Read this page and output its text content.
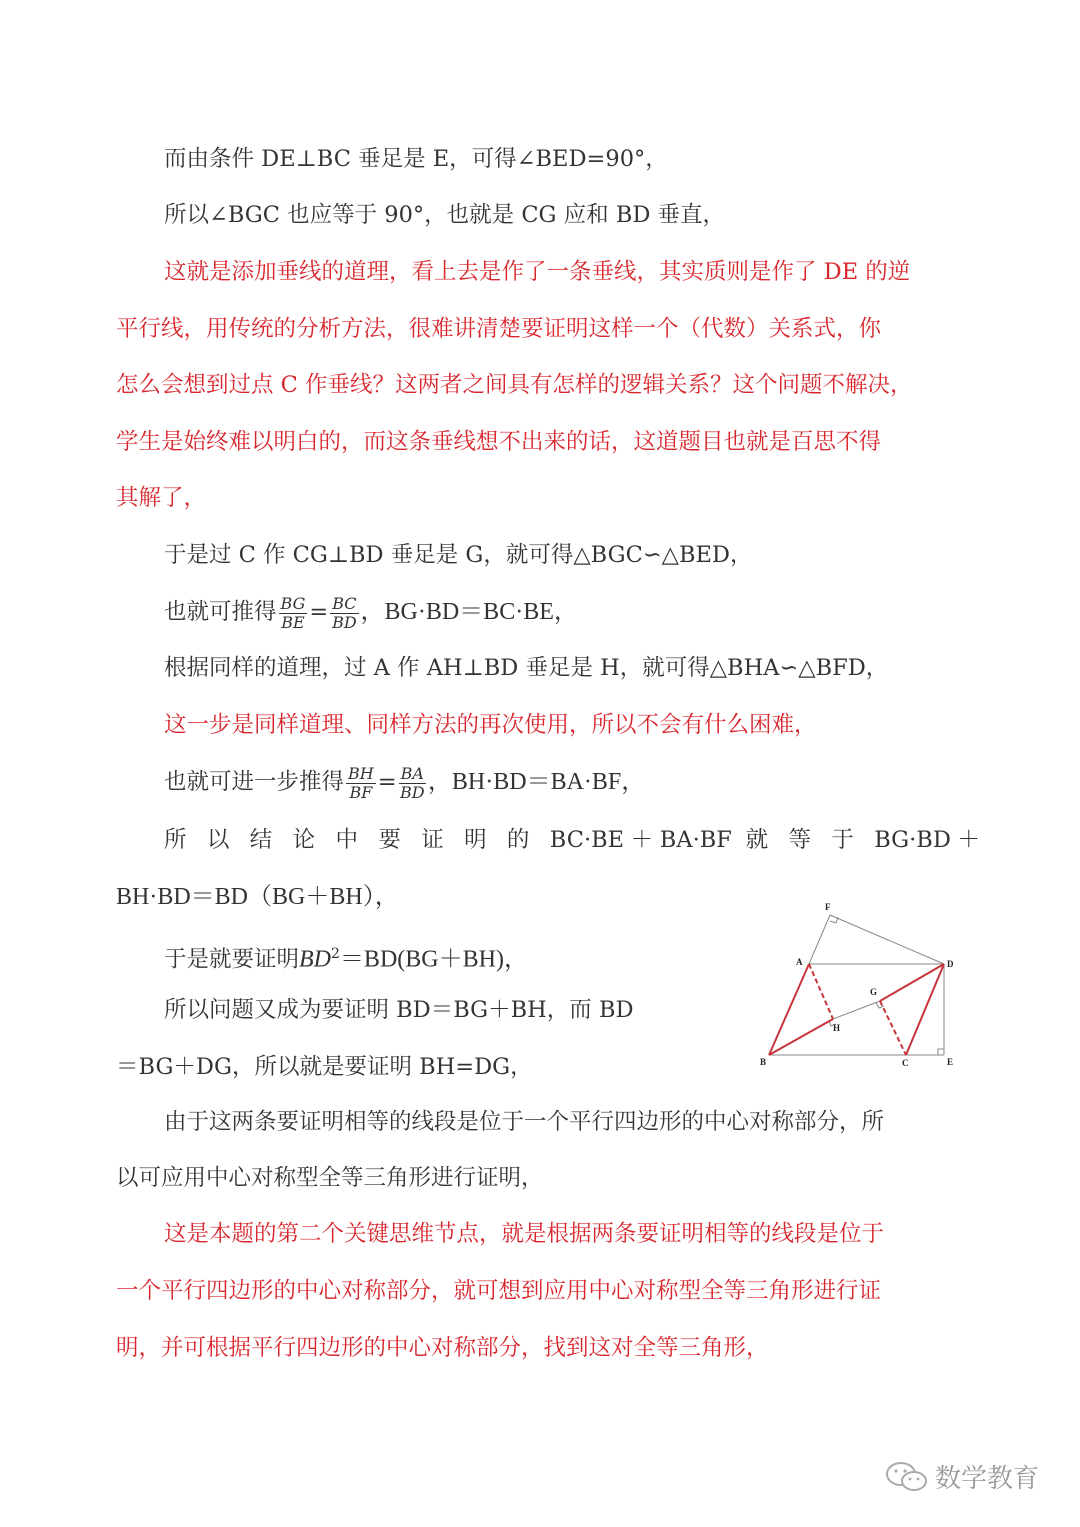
而由条件 DE⊥BC 垂足是 E，可得∠BED=90°，
所以∠BGC 也应等于 90°，也就是 CG 应和 BD 垂直，
这就是添加垂线的道理，看上去是作了一条垂线，其实质则是作了 DE 的逆
平行线，用传统的分析方法，很难讲清楚要证明这样一个（代数）关系式，你
怎么会想到过点 C 作垂线？这两者之间具有怎样的逻辑关系？这个问题不解决，
学生是始终难以明白的，而这条垂线想不出来的话，这道题目也就是百思不得
其解了，
于是过 C 作 CG⊥BD 垂足是 G，就可得△BGC∽△BED，
也就可推得 $\frac{BG}{BE} = \frac{BC}{BD}$ ，BG·BD＝BC·BE，
根据同样的道理，过 A 作 AH⊥BD 垂足是 H，就可得△BHA∽△BFD，
这一步是同样道理、同样方法的再次使用，所以不会有什么困难，
也就可进一步推得 $\frac{BH}{BF} = \frac{BA}{BD}$ ，BH·BD＝BA·BF，
所 以 结 论 中 要 证 明 的 BC·BE＋BA·BF 就 等 于 BG·BD＋
BH·BD＝BD（BG＋BH），
于是就要证明$BD^2=BD(BG+BH)$，
所以问题又成为要证明 BD＝BG＋BH，而 BD
＝BG＋DG，所以就是要证明 BH=DG，
由于这两条要证明相等的线段是位于一个平行四边形的中心对称部分，所
以可应用中心对称型全等三角形进行证明，
这是本题的第二个关键思维节点，就是根据两条要证明相等的线段是位于
一个平行四边形的中心对称部分，就可想到应用中心对称型全等三角形进行证
明，并可根据平行四边形的中心对称部分，找到这对全等三角形，
F
A	D
G
H
B	C	E
数学教育
